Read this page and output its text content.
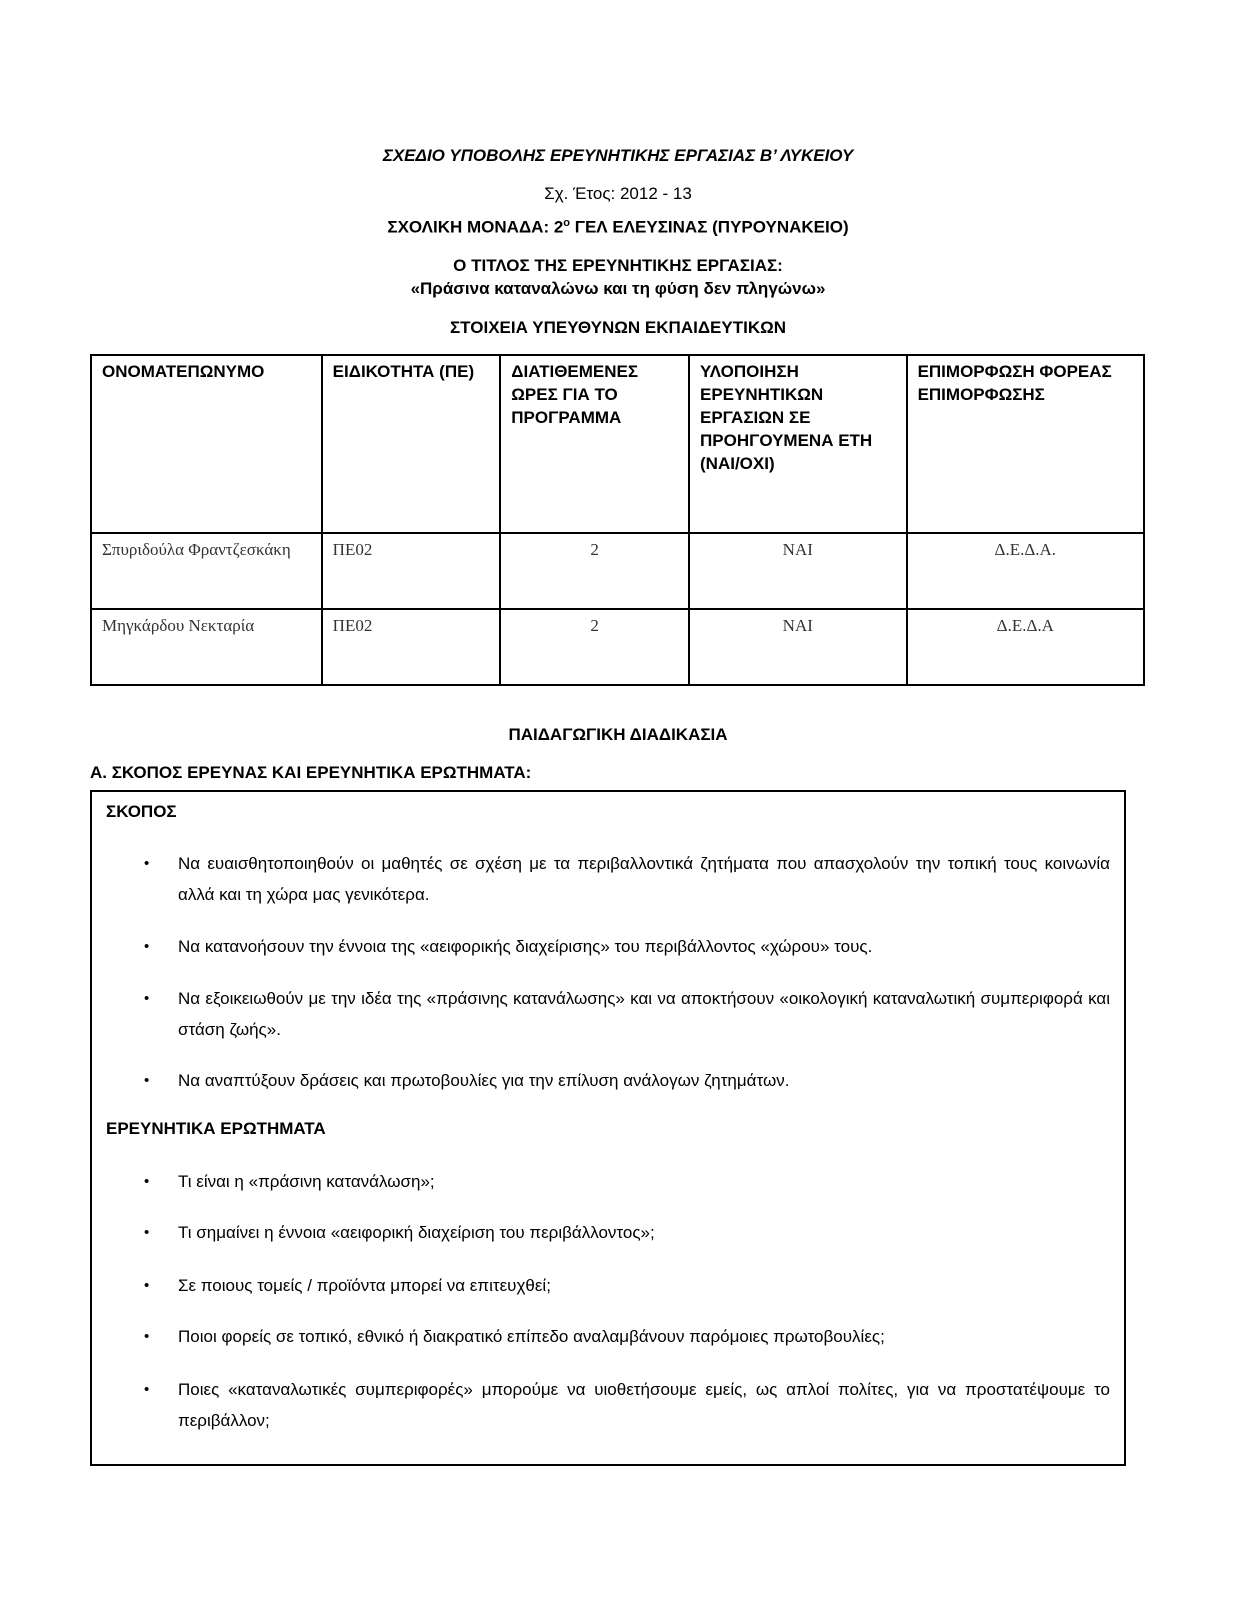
ΣΧΕΔΙΟ ΥΠΟΒΟΛΗΣ ΕΡΕΥΝΗΤΙΚΗΣ ΕΡΓΑΣΙΑΣ Β’ ΛΥΚΕΙΟΥ
Σχ. Έτος: 2012 - 13
ΣΧΟΛΙΚΗ ΜΟΝΑΔΑ: $2^o$ ΓΕΛ ΕΛΕΥΣΙΝΑΣ (ΠΥΡΟΥΝΑΚΕΙΟ)
Ο ΤΙΤΛΟΣ ΤΗΣ ΕΡΕΥΝΗΤΙΚΗΣ ΕΡΓΑΣΙΑΣ:
«Πράσινα καταναλώνω και τη φύση δεν πληγώνω»
ΣΤΟΙΧΕΙΑ ΥΠΕΥΘΥΝΩΝ ΕΚΠΑΙΔΕΥΤΙΚΩΝ
ΟΝΟΜΑΤΕΠΩΝΥΜΟ	ΕΙΔΙΚΟΤΗΤΑ (ΠΕ)	ΔΙΑΤΙΘΕΜΕΝΕΣ ΩΡΕΣ ΓΙΑ ΤΟ ΠΡΟΓΡΑΜΜΑ	ΥΛΟΠΟΙΗΣΗ ΕΡΕΥΝΗΤΙΚΩΝ ΕΡΓΑΣΙΩΝ ΣΕ ΠΡΟΗΓΟΥΜΕΝΑ ΕΤΗ (ΝΑΙ/ΟΧΙ)	ΕΠΙΜΟΡΦΩΣΗ ΦΟΡΕΑΣ ΕΠΙΜΟΡΦΩΣΗΣ
Σπυριδούλα Φραντζεσκάκη	ΠΕ02	2	ΝΑΙ	Δ.Ε.Δ.Α.
Μηγκάρδου Νεκταρία	ΠΕ02	2	ΝΑΙ	Δ.Ε.Δ.Α
ΠΑΙΔΑΓΩΓΙΚΗ ΔΙΑΔΙΚΑΣΙΑ
Α. ΣΚΟΠΟΣ ΕΡΕΥΝΑΣ ΚΑΙ ΕΡΕΥΝΗΤΙΚΑ ΕΡΩΤΗΜΑΤΑ:
ΣΚΟΠΟΣ
• Να ευαισθητοποιηθούν οι μαθητές σε σχέση με τα περιβαλλοντικά ζητήματα που απασχολούν την τοπική τους κοινωνία αλλά και τη χώρα μας γενικότερα.
• Να κατανοήσουν την έννοια της «αειφορικής διαχείρισης» του περιβάλλοντος «χώρου» τους.
• Να εξοικειωθούν με την ιδέα της «πράσινης κατανάλωσης» και να αποκτήσουν «οικολογική καταναλωτική συμπεριφορά και στάση ζωής».
• Να αναπτύξουν δράσεις και πρωτοβουλίες για την επίλυση ανάλογων ζητημάτων.
ΕΡΕΥΝΗΤΙΚΑ ΕΡΩΤΗΜΑΤΑ
• Τι είναι η «πράσινη κατανάλωση»;
• Τι σημαίνει η έννοια «αειφορική διαχείριση του περιβάλλοντος»;
• Σε ποιους τομείς / προϊόντα μπορεί να επιτευχθεί;
• Ποιοι φορείς σε τοπικό, εθνικό ή διακρατικό επίπεδο αναλαμβάνουν παρόμοιες πρωτοβουλίες;
• Ποιες «καταναλωτικές συμπεριφορές» μπορούμε να υιοθετήσουμε εμείς, ως απλοί πολίτες, για να προστατέψουμε το περιβάλλον;
